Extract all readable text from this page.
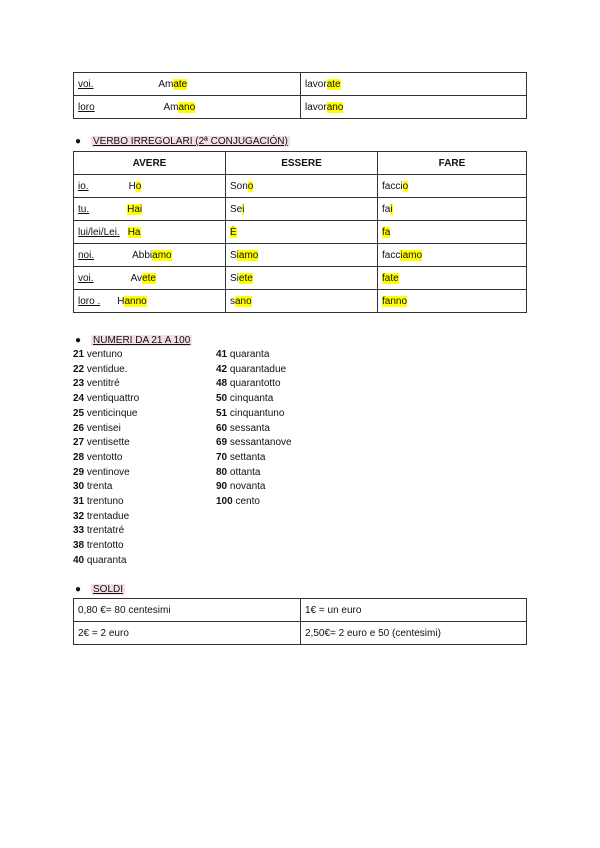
voi. Amate	lavorate
loro Amano	lavorano
● VERBO IRREGOLARI (2ª CONJUGACIÓN)
AVERE	ESSERE	FARE
io. Ho	Sono	faccio
tu. Hai	Sei	fai
lui/lei/Lei. Ha	È	fa
noi. Abbiamo	Siamo	facciamo
voi. Avete	Siete	fate
loro . Hanno	sano	fanno
● NUMERI DA 21 A 100
21 ventuno
22 ventidue.
23 ventitré
24 ventiquattro
25 venticinque
26 ventisei
27 ventisette
28 ventotto
29 ventinove
30 trenta
31 trentuno
32 trentadue
33 trentatré
38 trentotto
40 quaranta
41 quaranta
42 quarantadue
48 quarantotto
50 cinquanta
51 cinquantuno
60 sessanta
69 sessantanove
70 settanta
80 ottanta
90 novanta
100 cento
● SOLDI
0,80 €= 80 centesimi	1€ = un euro
2€ = 2 euro	2,50€= 2 euro e 50 (centesimi)
